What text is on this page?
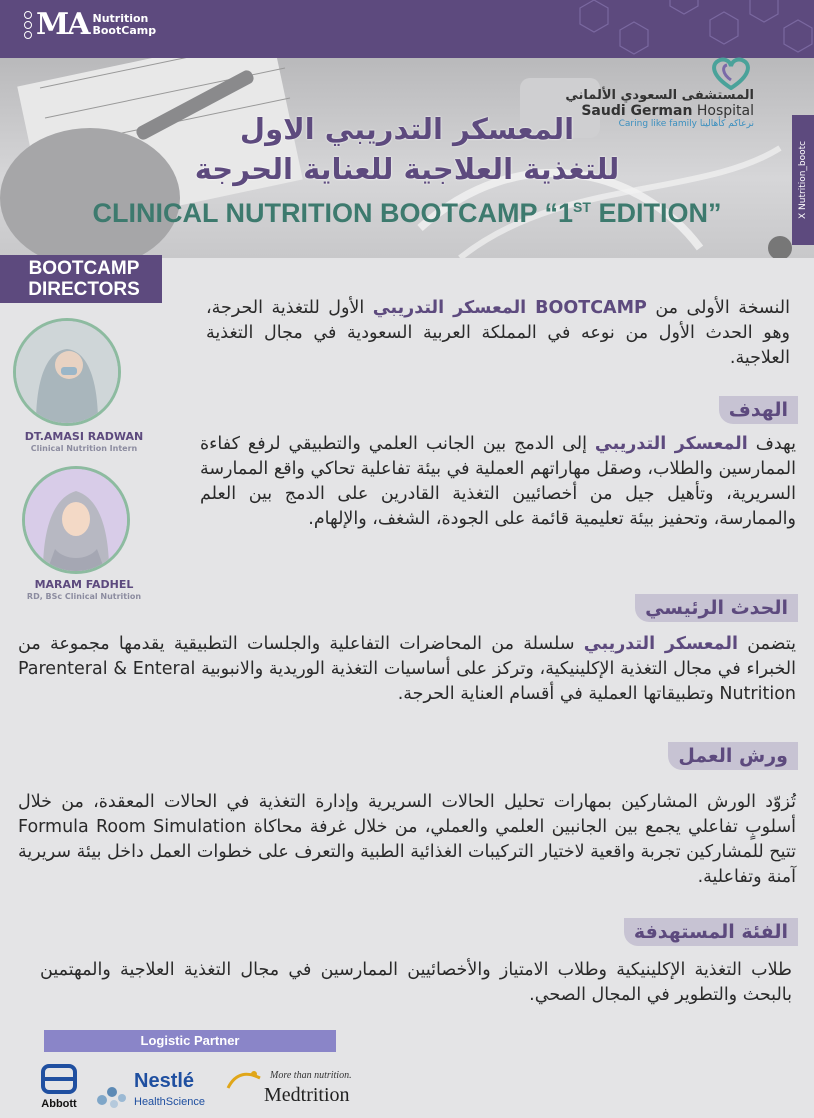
MA Nutrition
BootCamp
المستشفى السعودي الألماني
Saudi German Hospital
Caring like family نرعاكم كأهالينا
X Nutrition_bootc
المعسكر التدريبي الاول
للتغذية العلاجية للعناية الحرجة
CLINICAL NUTRITION BOOTCAMP “1ST EDITION”
BOOTCAMP
DIRECTORS
DT.AMASI RADWAN
Clinical Nutrition Intern
MARAM FADHEL
RD, BSc Clinical Nutrition
النسخة الأولى من BOOTCAMP المعسكر التدريبي الأول للتغذية الحرجة، وهو الحدث الأول من نوعه في المملكة العربية السعودية في مجال التغذية العلاجية.
الهدف
يهدف المعسكر التدريبي إلى الدمج بين الجانب العلمي والتطبيقي لرفع كفاءة الممارسين والطلاب، وصقل مهاراتهم العملية في بيئة تفاعلية تحاكي واقع الممارسة السريرية، وتأهيل جيل من أخصائيين التغذية القادرين على الدمج بين العلم والممارسة، وتحفيز بيئة تعليمية قائمة على الجودة، الشغف، والإلهام.
الحدث الرئيسي
يتضمن المعسكر التدريبي سلسلة من المحاضرات التفاعلية والجلسات التطبيقية يقدمها مجموعة من الخبراء في مجال التغذية الإكلينيكية، وتركز على أساسيات التغذية الوريدية والانبوبية Parenteral & Enteral Nutrition وتطبيقاتها العملية في أقسام العناية الحرجة.
ورش العمل
تُزوّد الورش المشاركين بمهارات تحليل الحالات السريرية وإدارة التغذية في الحالات المعقدة، من خلال أسلوبٍ تفاعلي يجمع بين الجانبين العلمي والعملي، من خلال غرفة محاكاة Formula Room Simulation تتيح للمشاركين تجربة واقعية لاختيار التركيبات الغذائية الطبية والتعرف على خطوات العمل داخل بيئة سريرية آمنة وتفاعلية.
الفئة المستهدفة
طلاب التغذية الإكلينيكية وطلاب الامتياز والأخصائيين الممارسين في مجال التغذية العلاجية والمهتمين بالبحث والتطوير في المجال الصحي.
Logistic Partner
Abbott
Nestlé
HealthScience
More than nutrition.
Medtrition
